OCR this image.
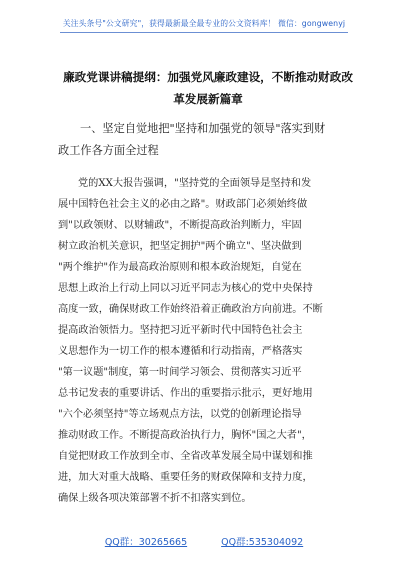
关注头条号"公文研究"，获得最新最全最专业的公文资料库！ 微信：gongwenyj
廉政党课讲稿提纲：加强党风廉政建设，不断推动财政改
革发展新篇章
一、坚定自觉地把"坚持和加强党的领导"落实到财
政工作各方面全过程
党的XX大报告强调，"坚持党的全面领导是坚持和发
展中国特色社会主义的必由之路"。财政部门必须始终做
到"以政领财、以财辅政"，不断提高政治判断力，牢固
树立政治机关意识，把坚定拥护"两个确立"、坚决做到
"两个维护"作为最高政治原则和根本政治规矩，自觉在
思想上政治上行动上同以习近平同志为核心的党中央保持
高度一致，确保财政工作始终沿着正确政治方向前进。不断
提高政治领悟力。坚持把习近平新时代中国特色社会主
义思想作为一切工作的根本遵循和行动指南，严格落实
"第一议题"制度，第一时间学习领会、贯彻落实习近平
总书记发表的重要讲话、作出的重要指示批示，更好地用
"六个必须坚持"等立场观点方法，以党的创新理论指导
推动财政工作。不断提高政治执行力，胸怀"国之大者"，
自觉把财政工作放到全市、全省改革发展全局中谋划和推
进，加大对重大战略、重要任务的财政保障和支持力度，
确保上级各项决策部署不折不扣落实到位。
QQ群：30265665	QQ群:535304092
